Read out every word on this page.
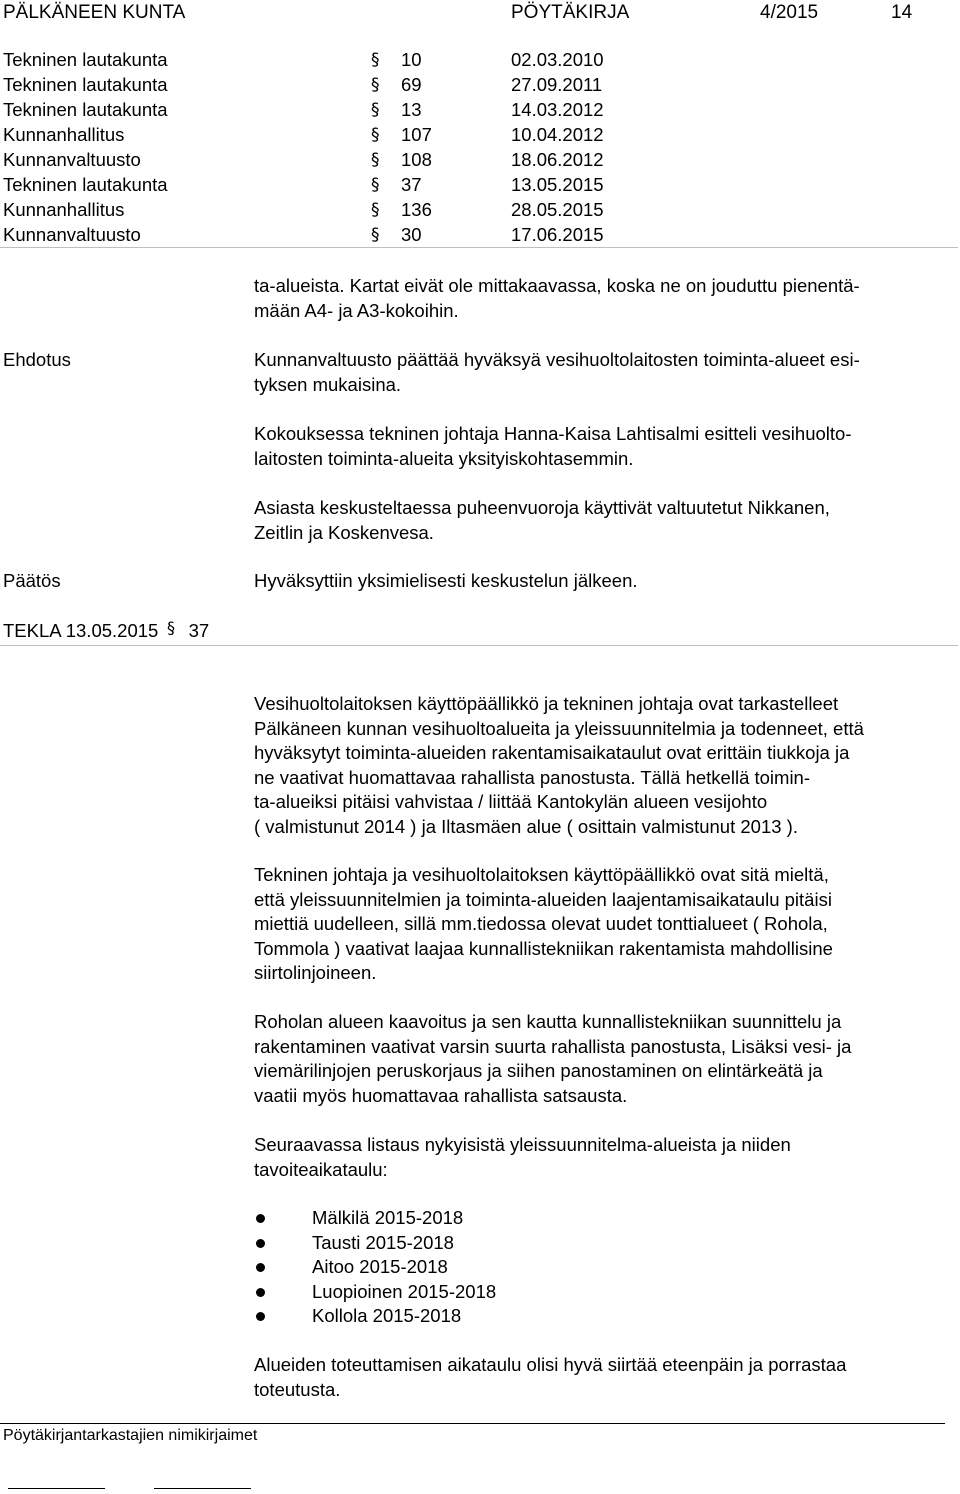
PÄLKÄNEEN KUNTA	PÖYTÄKIRJA	4/2015	14
Tekninen lautakunta	§ 10	02.03.2010
Tekninen lautakunta	§ 69	27.09.2011
Tekninen lautakunta	§ 13	14.03.2012
Kunnanhallitus	§ 107	10.04.2012
Kunnanvaltuusto	§ 108	18.06.2012
Tekninen lautakunta	§ 37	13.05.2015
Kunnanhallitus	§ 136	28.05.2015
Kunnanvaltuusto	§ 30	17.06.2015
ta-alueista. Kartat eivät ole mittakaavassa, koska ne on jouduttu pienentä-
mään A4- ja A3-kokoihin.
Ehdotus	Kunnanvaltuusto päättää hyväksyä vesihuoltolaitosten toiminta-alueet esi-
tyksen mukaisina.
Kokouksessa tekninen johtaja Hanna-Kaisa Lahtisalmi esitteli vesihuolto-
laitosten toiminta-alueita yksityiskohtasemmin.
Asiasta keskusteltaessa puheenvuoroja käyttivät valtuutetut Nikkanen,
Zeitlin ja Koskenvesa.
Päätös	Hyväksyttiin yksimielisesti keskustelun jälkeen.
TEKLA 13.05.2015 § 37
Vesihuoltolaitoksen käyttöpäällikkö ja tekninen johtaja ovat tarkastelleet
Pälkäneen kunnan vesihuoltoalueita ja yleissuunnitelmia ja todenneet, että
hyväksytyt toiminta-alueiden rakentamisaikataulut ovat erittäin tiukkoja ja
ne vaativat huomattavaa rahallista panostusta. Tällä hetkellä toimin-
ta-alueiksi pitäisi vahvistaa / liittää Kantokylän alueen vesijohto
( valmistunut 2014 ) ja Iltasmäen alue ( osittain valmistunut 2013 ).
Tekninen johtaja ja vesihuoltolaitoksen käyttöpäällikkö ovat sitä mieltä,
että yleissuunnitelmien ja toiminta-alueiden laajentamisaikataulu pitäisi
miettiä uudelleen, sillä mm.tiedossa olevat uudet tonttialueet ( Rohola,
Tommola ) vaativat laajaa kunnallistekniikan rakentamista mahdollisine
siirtolinjoineen.
Roholan alueen kaavoitus ja sen kautta kunnallistekniikan suunnittelu ja
rakentaminen vaativat varsin suurta rahallista panostusta, Lisäksi vesi- ja
viemärilinjojen peruskorjaus ja siihen panostaminen on elintärkeätä ja
vaatii myös huomattavaa rahallista satsausta.
Seuraavassa listaus nykyisistä yleissuunnitelma-alueista ja niiden
tavoiteaikataulu:
Mälkilä 2015-2018
Tausti 2015-2018
Aitoo 2015-2018
Luopioinen 2015-2018
Kollola 2015-2018
Alueiden toteuttamisen aikataulu olisi hyvä siirtää eteenpäin ja porrastaa
toteutusta.
Pöytäkirjantarkastajien nimikirjaimet
